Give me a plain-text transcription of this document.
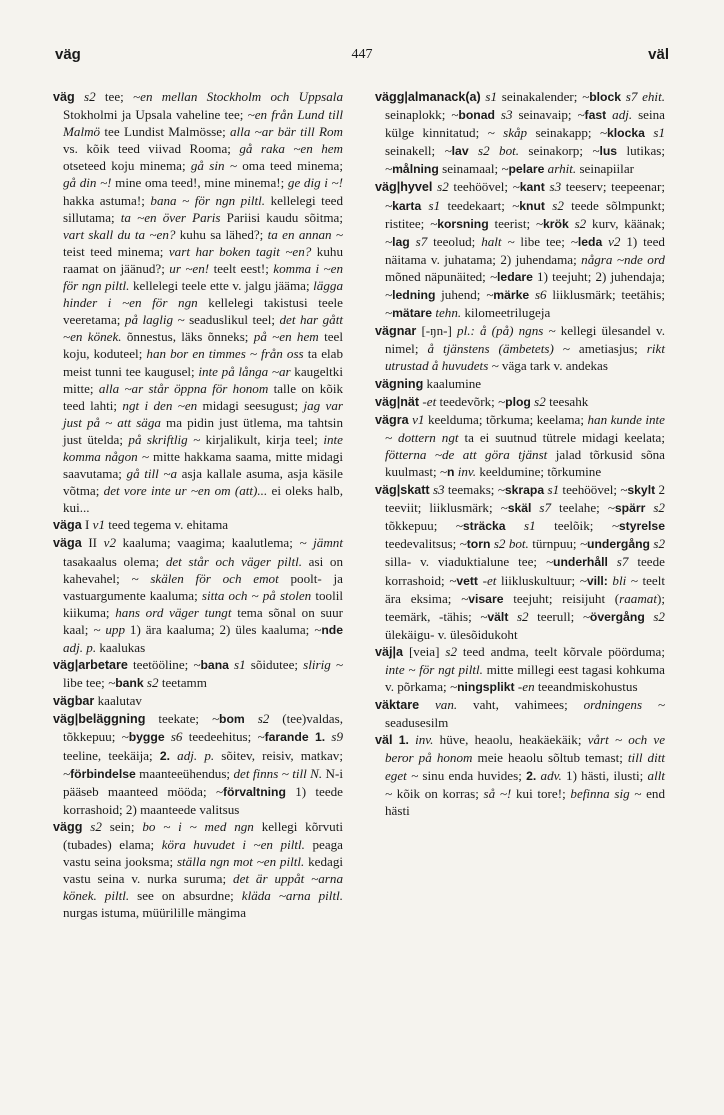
väg	447	väl

väg s2 tee; ~en mellan Stockholm och Uppsala Stokholmi ja Upsala vaheline tee; ~en från Lund till Malmö tee Lundist Malmösse; alla ~ar bär till Rom vs. kõik teed viivad Rooma; gå raka ~en hem otseteed koju minema; gå sin ~ oma teed minema; gå din ~! mine oma teed!, mine minema!; ge dig i ~! hakka astuma!; bana ~ för ngn piltl. kellelegi teed sillutama; ta ~en över Paris Pariisi kaudu sõitma; vart skall du ta ~en? kuhu sa lähed?; ta en annan ~ teist teed minema; vart har boken tagit ~en? kuhu raamat on jäänud?; ur ~en! teelt eest!; komma i ~en för ngn piltl. kellelegi teele ette v. jalgu jääma; lägga hinder i ~en för ngn kellelegi takistusi teele veeretama; på laglig ~ seaduslikul teel; det har gått ~en könek. õnnestus, läks õnneks; på ~en hem teel koju, koduteel; han bor en timmes ~ från oss ta elab meist tunni tee kaugusel; inte på långa ~ar kaugeltki mitte; alla ~ar står öppna för honom talle on kõik teed lahti; ngt i den ~en midagi seesugust; jag var just på ~ att säga ma pidin just ütlema, ma tahtsin just ütelda; på skriftlig ~ kirjalikult, kirja teel; inte komma någon ~ mitte hakkama saama, mitte midagi saavutama; gå till ~a asja kallale asuma, asja käsile võtma; det vore inte ur ~en om (att)... ei oleks halb, kui...

väga I v1 teed tegema v. ehitama

väga II v2 kaaluma; vaagima; kaalutlema; ~ jämnt tasakaalus olema; det står och väger piltl. asi on kahevahel; ~ skälen för och emot poolt- ja vastuargumente kaaluma; sitta och ~ på stolen toolil kiikuma; hans ord väger tungt tema sõnal on suur kaal; ~ upp 1) ära kaaluma; 2) üles kaaluma; ~nde adj. p. kaalukas

väg|arbetare teetööline; ~bana s1 sõidutee; slirig ~ libe tee; ~bank s2 teetamm

vägbar kaalutav

väg|beläggning teekate; ~bom s2 (tee)valdas, tõkkepuu; ~bygge s6 teedeehitus; ~farande 1. s9 teeline, teekäija; 2. adj. p. sõitev, reisiv, matkav; ~förbindelse maanteeühendus; det finns ~ till N. N-i pääseb maanteed mööda; ~förvaltning 1) teede korrashoid; 2) maanteede valitsus

vägg s2 sein; bo ~ i ~ med ngn kellegi kõrvuti (tubades) elama; köra huvudet i ~en piltl. peaga vastu seina jooksma; ställa ngn mot ~en piltl. kedagi vastu seina v. nurka suruma; det är uppåt ~arna könek. piltl. see on absurdne; kläda ~arna piltl. nurgas istuma, müürilille mängima

vägg|almanack(a) s1 seinakalender; ~block s7 ehit. seinaplokk; ~bonad s3 seinavaip; ~fast adj. seina külge kinnitatud; ~ skåp seinakapp; ~klocka s1 seinakell; ~lav s2 bot. seinakorp; ~lus lutikas; ~målning seinamaal; ~pelare arhit. seinapiilar

väg|hyvel s2 teehöövel; ~kant s3 teeserv; teepeenar; ~karta s1 teedekaart; ~knut s2 teede sõlmpunkt; ristitee; ~korsning teerist; ~krök s2 kurv, käänak; ~lag s7 teeolud; halt ~ libe tee; ~leda v2 1) teed näitama v. juhatama; 2) juhendama; några ~nde ord mõned näpunäited; ~ledare 1) teejuht; 2) juhendaja; ~ledning juhend; ~märke s6 liiklusmärk; teetähis; ~mätare tehn. kilomeetrilugeja

vägnar [-ŋn-] pl.: å (på) ngns ~ kellegi ülesandel v. nimel; å tjänstens (ämbetets) ~ ametiasjus; rikt utrustad å huvudets ~ väga tark v. andekas

vägning kaalumine

väg|nät -et teedevõrk; ~plog s2 teesahk

vägra v1 keelduma; tõrkuma; keelama; han kunde inte ~ dottern ngt ta ei suutnud tütrele midagi keelata; fötterna ~de att göra tjänst jalad tõrkusid sõna kuulmast; ~n inv. keeldumine; tõrkumine

väg|skatt s3 teemaks; ~skrapa s1 teehöövel; ~skylt 2 teeviit; liiklusmärk; ~skäl s7 teelahe; ~spärr s2 tõkkepuu; ~sträcka s1 teelõik; ~styrelse teedevalitsus; ~torn s2 bot. türnpuu; ~undergång s2 silla- v. viaduktialune tee; ~underhåll s7 teede korrashoid; ~vett -et liikluskultuur; ~vill: bli ~ teelt ära eksima; ~visare teejuht; reisijuht (raamat); teemärk, -tähis; ~vält s2 teerull; ~övergång s2 ülekäigu- v. ülesõidukoht

väj|a [veia] s2 teed andma, teelt kõrvale pöörduma; inte ~ för ngt piltl. mitte millegi eest tagasi kohkuma v. põrkama; ~ningsplikt -en teeandmiskohustus

väktare van. vaht, vahimees; ordningens ~ seadusesilm

väl 1. inv. hüve, heaolu, heakäekäik; vårt ~ och ve beror på honom meie heaolu sõltub temast; till ditt eget ~ sinu enda huvides; 2. adv. 1) hästi, ilusti; allt ~ kõik on korras; så ~! kui tore!; befinna sig ~ end hästi
